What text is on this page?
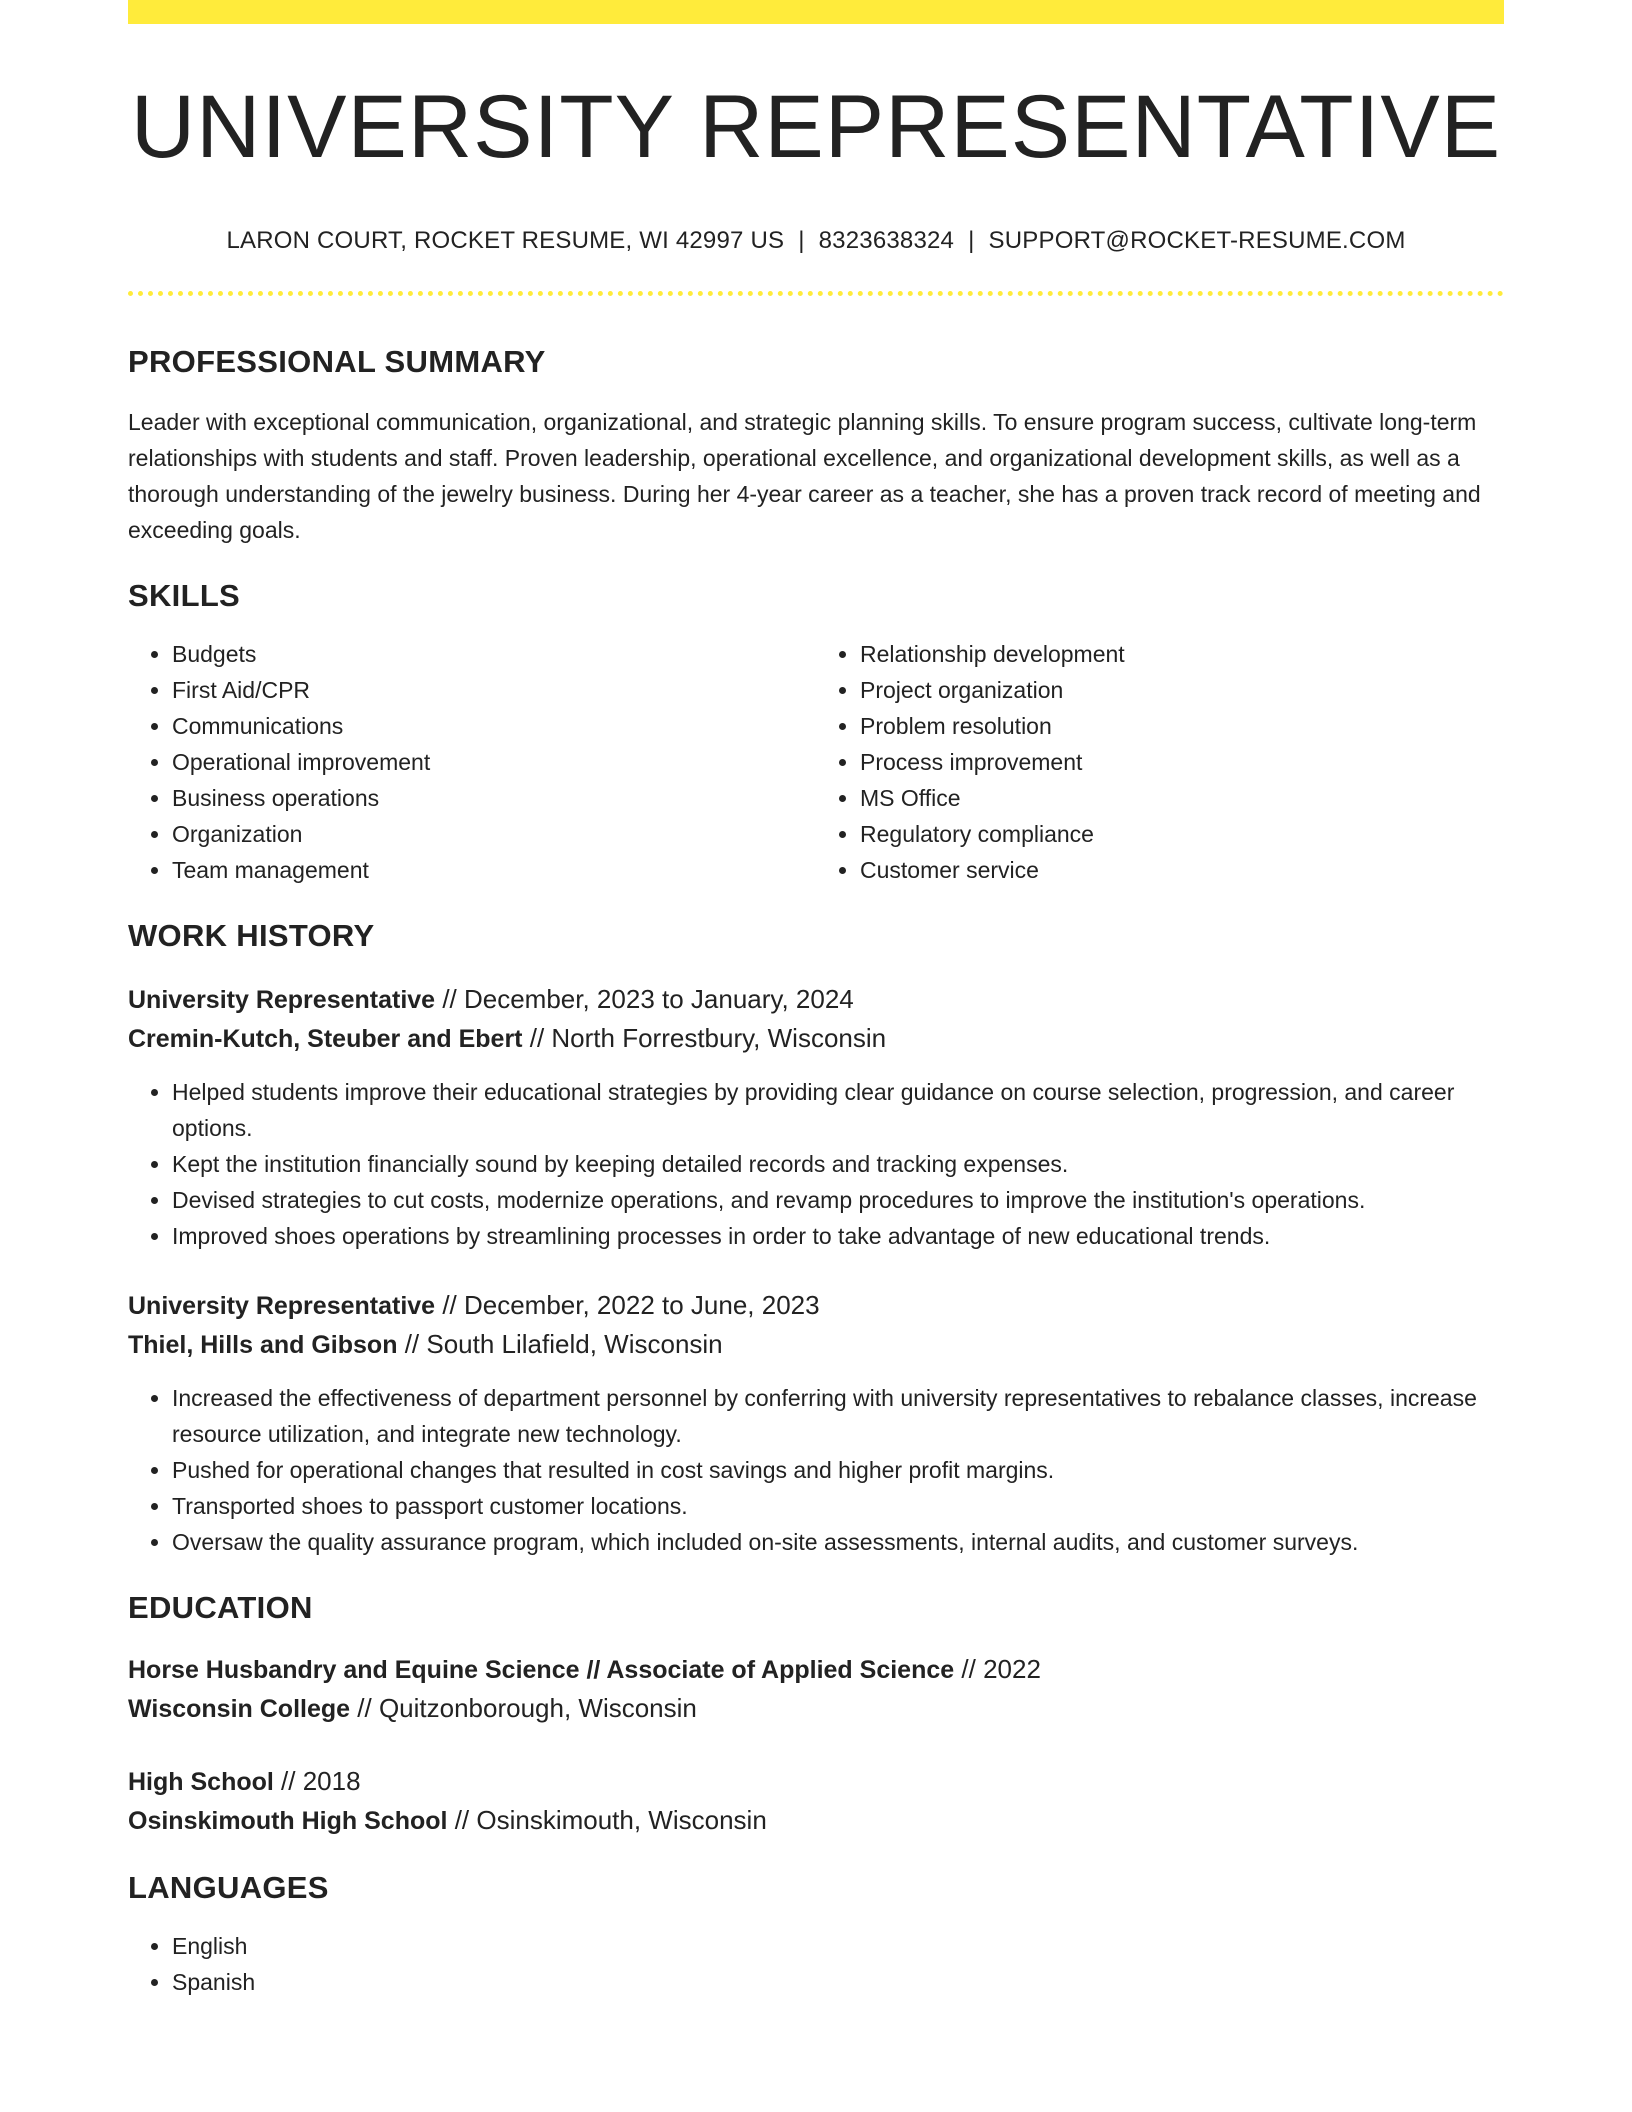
UNIVERSITY REPRESENTATIVE
LARON COURT, ROCKET RESUME, WI 42997 US | 8323638324 | SUPPORT@ROCKET-RESUME.COM
PROFESSIONAL SUMMARY
Leader with exceptional communication, organizational, and strategic planning skills. To ensure program success, cultivate long-term relationships with students and staff. Proven leadership, operational excellence, and organizational development skills, as well as a thorough understanding of the jewelry business. During her 4-year career as a teacher, she has a proven track record of meeting and exceeding goals.
SKILLS
• Budgets
• First Aid/CPR
• Communications
• Operational improvement
• Business operations
• Organization
• Team management
• Relationship development
• Project organization
• Problem resolution
• Process improvement
• MS Office
• Regulatory compliance
• Customer service
WORK HISTORY
University Representative // December, 2023 to January, 2024
Cremin-Kutch, Steuber and Ebert // North Forrestbury, Wisconsin
• Helped students improve their educational strategies by providing clear guidance on course selection, progression, and career options.
• Kept the institution financially sound by keeping detailed records and tracking expenses.
• Devised strategies to cut costs, modernize operations, and revamp procedures to improve the institution's operations.
• Improved shoes operations by streamlining processes in order to take advantage of new educational trends.
University Representative // December, 2022 to June, 2023
Thiel, Hills and Gibson // South Lilafield, Wisconsin
• Increased the effectiveness of department personnel by conferring with university representatives to rebalance classes, increase resource utilization, and integrate new technology.
• Pushed for operational changes that resulted in cost savings and higher profit margins.
• Transported shoes to passport customer locations.
• Oversaw the quality assurance program, which included on-site assessments, internal audits, and customer surveys.
EDUCATION
Horse Husbandry and Equine Science // Associate of Applied Science // 2022
Wisconsin College // Quitzonborough, Wisconsin
High School // 2018
Osinskimouth High School // Osinskimouth, Wisconsin
LANGUAGES
• English
• Spanish
